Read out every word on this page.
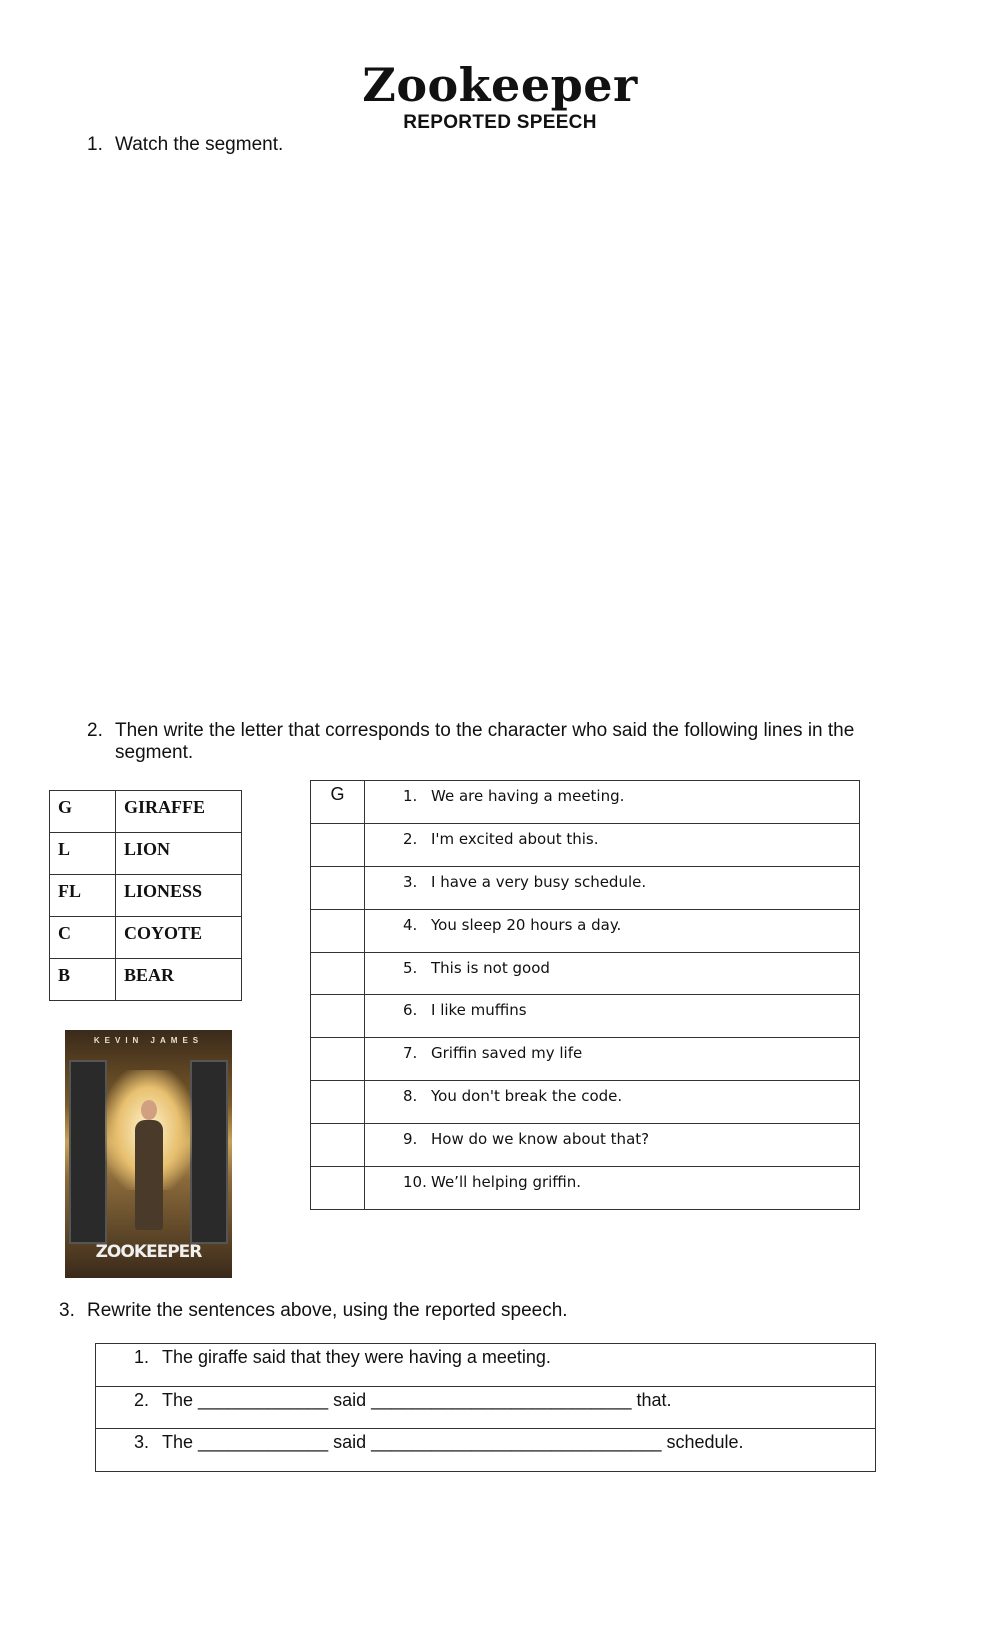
Zookeeper
REPORTED SPEECH
1. Watch the segment.
2. Then write the letter that corresponds to the character who said the following lines in the
segment.
G	GIRAFFE
L	LION
FL	LIONESS
C	COYOTE
B	BEAR
G	1. We are having a meeting.
	2. I'm excited about this.
	3. I have a very busy schedule.
	4. You sleep 20 hours a day.
	5. This is not good
	6. I like muffins
	7. Griffin saved my life
	8. You don't break the code.
	9. How do we know about that?
	10. We’ll helping griffin.
KEVIN JAMES
ZOOKEEPER
3. Rewrite the sentences above, using the reported speech.
1. The giraffe said that they were having a meeting.
2. The _____________ said __________________________ that.
3. The _____________ said _____________________________ schedule.
